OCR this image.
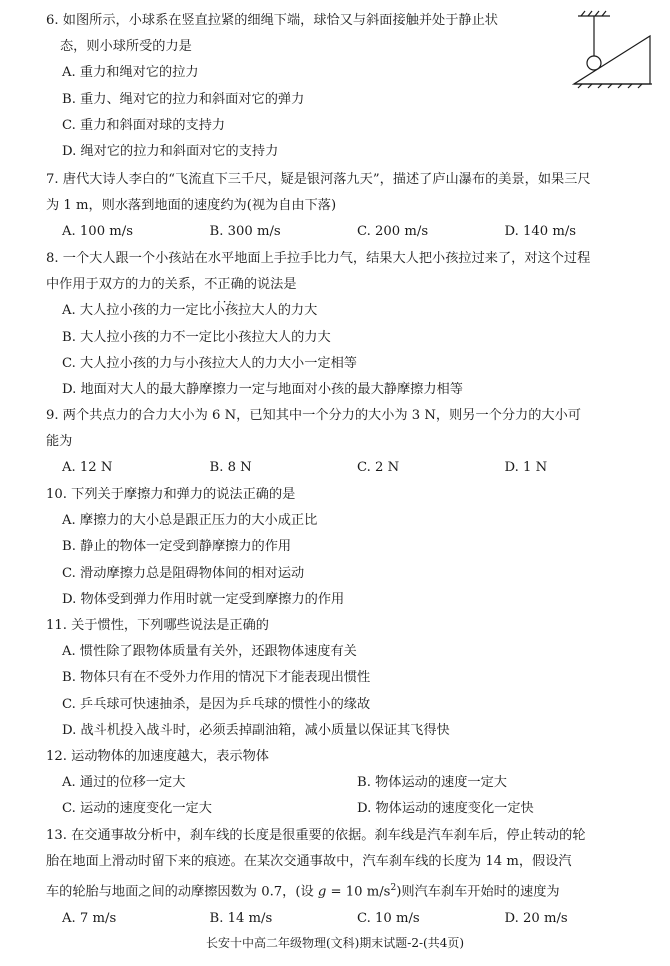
6. 如图所示，小球系在竖直拉紧的细绳下端，球恰又与斜面接触并处于静止状
态，则小球所受的力是
A. 重力和绳对它的拉力
B. 重力、绳对它的拉力和斜面对它的弹力
C. 重力和斜面对球的支持力
D. 绳对它的拉力和斜面对它的支持力
7. 唐代大诗人李白的“飞流直下三千尺，疑是银河落九天”，描述了庐山瀑布的美景，如果三尺
为 1 m，则水落到地面的速度约为(视为自由下落)
A. 100 m/s	B. 300 m/s	C. 200 m/s	D. 140 m/s
8. 一个大人跟一个小孩站在水平地面上手拉手比力气，结果大人把小孩拉过来了，对这个过程
中作用于双方的力的关系，不正确 · · ·的说法是
A. 大人拉小孩的力一定比小孩拉大人的力大
B. 大人拉小孩的力不一定比小孩拉大人的力大
C. 大人拉小孩的力与小孩拉大人的力大小一定相等
D. 地面对大人的最大静摩擦力一定与地面对小孩的最大静摩擦力相等
9. 两个共点力的合力大小为 6 N，已知其中一个分力的大小为 3 N，则另一个分力的大小可
能为
A. 12 N	B. 8 N	C. 2 N	D. 1 N
10. 下列关于摩擦力和弹力的说法正确的是
A. 摩擦力的大小总是跟正压力的大小成正比
B. 静止的物体一定受到静摩擦力的作用
C. 滑动摩擦力总是阻碍物体间的相对运动
D. 物体受到弹力作用时就一定受到摩擦力的作用
11. 关于惯性，下列哪些说法是正确的
A. 惯性除了跟物体质量有关外，还跟物体速度有关
B. 物体只有在不受外力作用的情况下才能表现出惯性
C. 乒乓球可快速抽杀，是因为乒乓球的惯性小的缘故
D. 战斗机投入战斗时，必须丢掉副油箱，减小质量以保证其飞得快
12. 运动物体的加速度越大，表示物体
A. 通过的位移一定大	B. 物体运动的速度一定大
C. 运动的速度变化一定大	D. 物体运动的速度变化一定快
13. 在交通事故分析中，刹车线的长度是很重要的依据。刹车线是汽车刹车后，停止转动的轮
胎在地面上滑动时留下来的痕迹。在某次交通事故中，汽车刹车线的长度为 14 m，假设汽
车的轮胎与地面之间的动摩擦因数为 0.7，(设 g = 10 $m/s^2$)则汽车刹车开始时的速度为
A. 7 m/s	B. 14 m/s	C. 10 m/s	D. 20 m/s
长安十中高二年级物理(文科)期末试题-2-(共4页)
